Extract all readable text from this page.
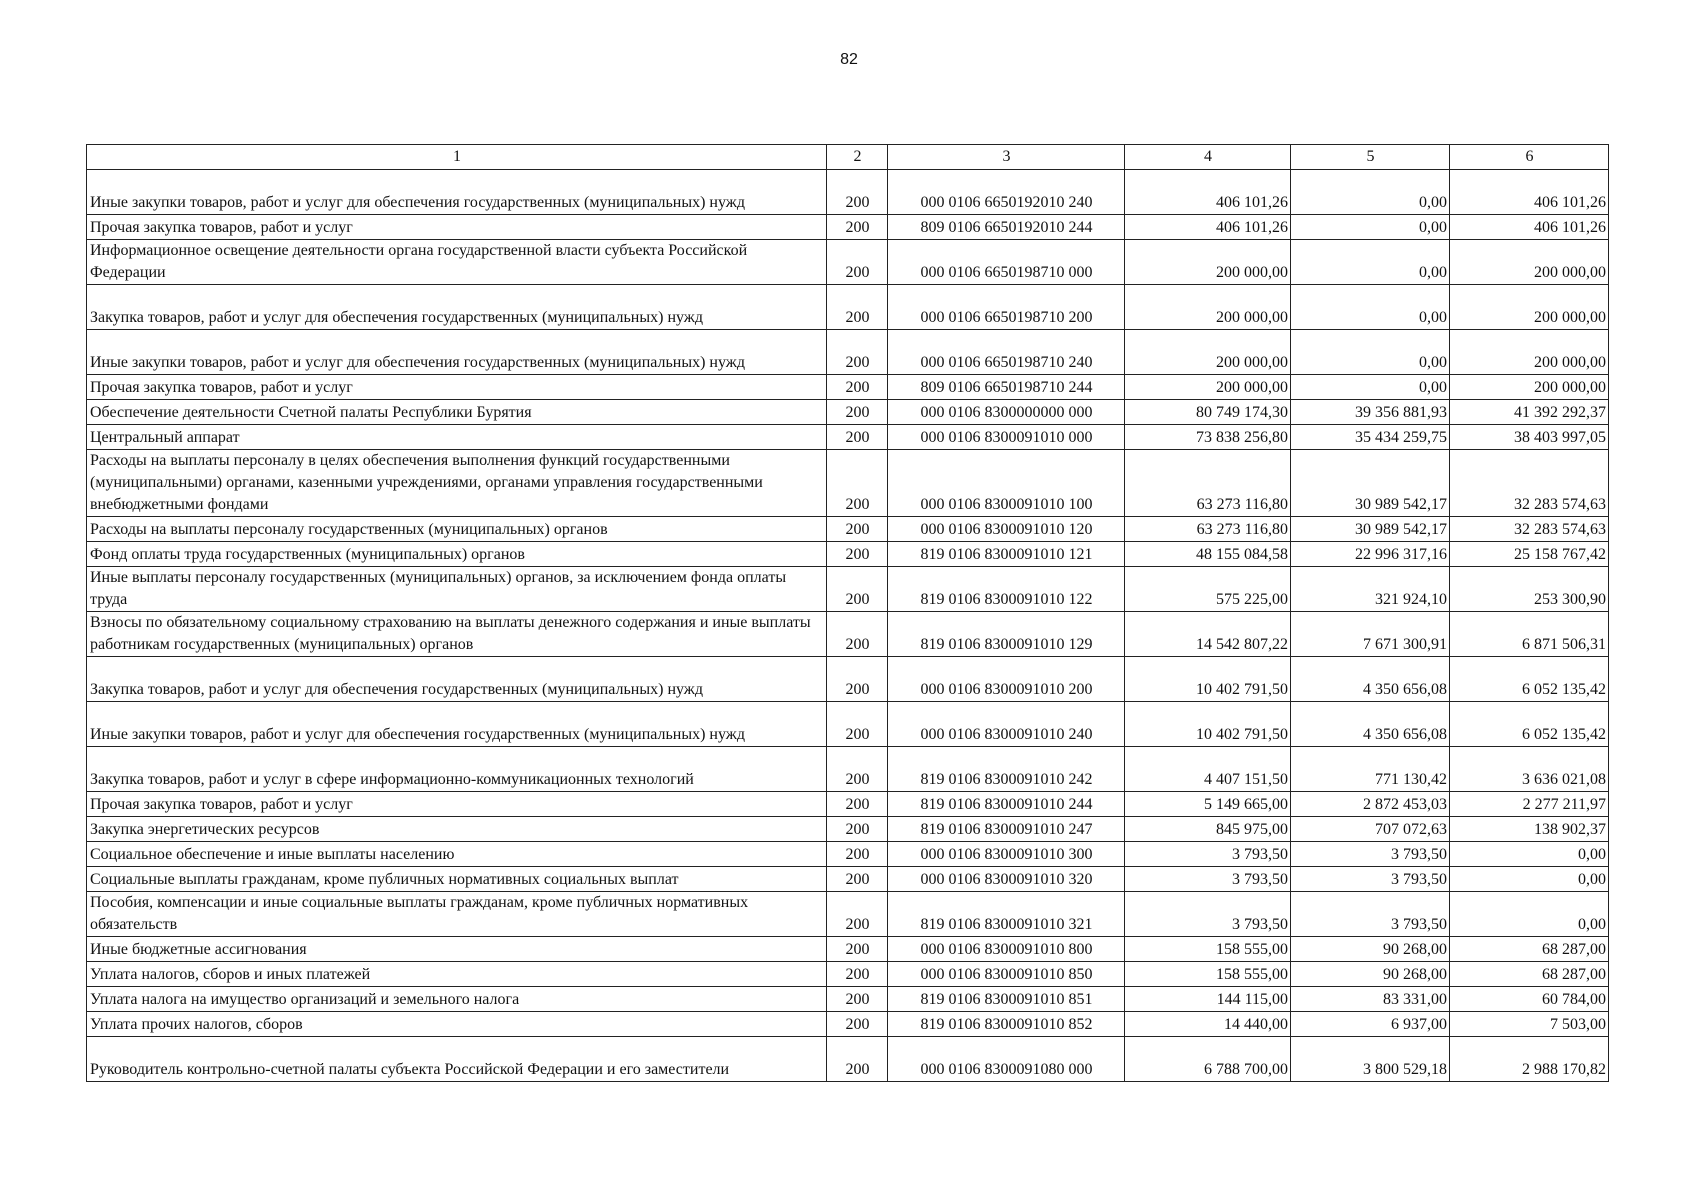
82
1	2	3	4	5	6
Иные закупки товаров, работ и услуг для обеспечения государственных (муниципальных) нужд	200	000 0106 6650192010 240	406 101,26	0,00	406 101,26
Прочая закупка товаров, работ и услуг	200	809 0106 6650192010 244	406 101,26	0,00	406 101,26
Информационное освещение деятельности органа государственной власти субъекта Российской Федерации	200	000 0106 6650198710 000	200 000,00	0,00	200 000,00
Закупка товаров, работ и услуг для обеспечения государственных (муниципальных) нужд	200	000 0106 6650198710 200	200 000,00	0,00	200 000,00
Иные закупки товаров, работ и услуг для обеспечения государственных (муниципальных) нужд	200	000 0106 6650198710 240	200 000,00	0,00	200 000,00
Прочая закупка товаров, работ и услуг	200	809 0106 6650198710 244	200 000,00	0,00	200 000,00
Обеспечение деятельности Счетной палаты Республики Бурятия	200	000 0106 8300000000 000	80 749 174,30	39 356 881,93	41 392 292,37
Центральный аппарат	200	000 0106 8300091010 000	73 838 256,80	35 434 259,75	38 403 997,05
Расходы на выплаты персоналу в целях обеспечения выполнения функций государственными (муниципальными) органами, казенными учреждениями, органами управления государственными внебюджетными фондами	200	000 0106 8300091010 100	63 273 116,80	30 989 542,17	32 283 574,63
Расходы на выплаты персоналу государственных (муниципальных) органов	200	000 0106 8300091010 120	63 273 116,80	30 989 542,17	32 283 574,63
Фонд оплаты труда государственных (муниципальных) органов	200	819 0106 8300091010 121	48 155 084,58	22 996 317,16	25 158 767,42
Иные выплаты персоналу государственных (муниципальных) органов, за исключением фонда оплаты труда	200	819 0106 8300091010 122	575 225,00	321 924,10	253 300,90
Взносы по обязательному социальному страхованию на выплаты денежного содержания и иные выплаты работникам государственных (муниципальных) органов	200	819 0106 8300091010 129	14 542 807,22	7 671 300,91	6 871 506,31
Закупка товаров, работ и услуг для обеспечения государственных (муниципальных) нужд	200	000 0106 8300091010 200	10 402 791,50	4 350 656,08	6 052 135,42
Иные закупки товаров, работ и услуг для обеспечения государственных (муниципальных) нужд	200	000 0106 8300091010 240	10 402 791,50	4 350 656,08	6 052 135,42
Закупка товаров, работ и услуг в сфере информационно-коммуникационных технологий	200	819 0106 8300091010 242	4 407 151,50	771 130,42	3 636 021,08
Прочая закупка товаров, работ и услуг	200	819 0106 8300091010 244	5 149 665,00	2 872 453,03	2 277 211,97
Закупка энергетических ресурсов	200	819 0106 8300091010 247	845 975,00	707 072,63	138 902,37
Социальное обеспечение и иные выплаты населению	200	000 0106 8300091010 300	3 793,50	3 793,50	0,00
Социальные выплаты гражданам, кроме публичных нормативных социальных выплат	200	000 0106 8300091010 320	3 793,50	3 793,50	0,00
Пособия, компенсации и иные социальные выплаты гражданам, кроме публичных нормативных обязательств	200	819 0106 8300091010 321	3 793,50	3 793,50	0,00
Иные бюджетные ассигнования	200	000 0106 8300091010 800	158 555,00	90 268,00	68 287,00
Уплата налогов, сборов и иных платежей	200	000 0106 8300091010 850	158 555,00	90 268,00	68 287,00
Уплата налога на имущество организаций и земельного налога	200	819 0106 8300091010 851	144 115,00	83 331,00	60 784,00
Уплата прочих налогов, сборов	200	819 0106 8300091010 852	14 440,00	6 937,00	7 503,00
Руководитель контрольно-счетной палаты субъекта Российской Федерации и его заместители	200	000 0106 8300091080 000	6 788 700,00	3 800 529,18	2 988 170,82
